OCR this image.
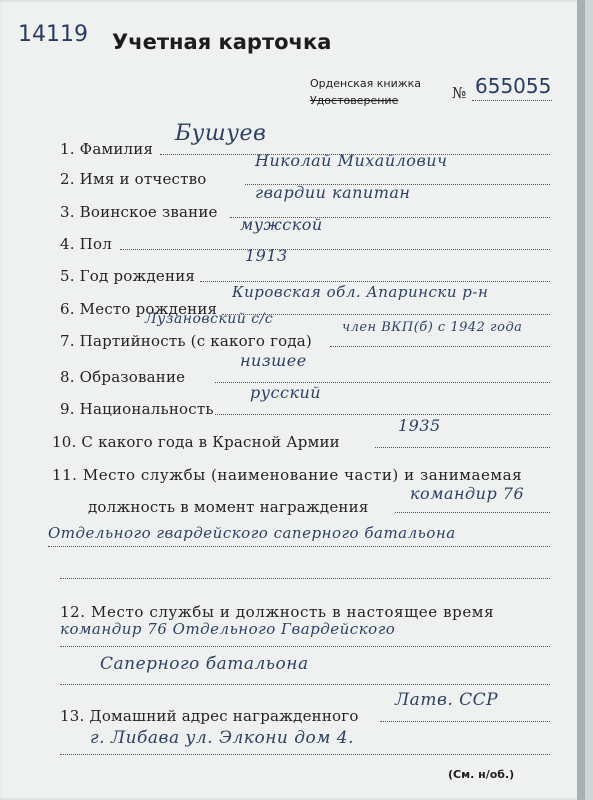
14119 Учетная карточка
Орденская книжка
Удостоверение	№ 655055
1. Фамилия
Бушуев
2. Имя и отчество
Николай Михайлович
3. Воинское звание
гвардии капитан
4. Пол
мужской
5. Год рождения
1913
6. Место рождения
Кировская обл. Апарински р-н
Лузановский с/с
7. Партийность (с какого года)
член ВКП(б) с 1942 года
8. Образование
низшее
9. Национальность
русский
10. С какого года в Красной Армии
1935
11. Место службы (наименование части) и занимаемая
должность в момент награждения
командир 76
Отдельного гвардейского саперного батальона
12. Место службы и должность в настоящее время
командир 76 Отдельного Гвардейского
Саперного батальона
13. Домашний адрес награжденного
Латв. ССР
г. Либава ул. Элкони дом 4.
(См. н/об.)
